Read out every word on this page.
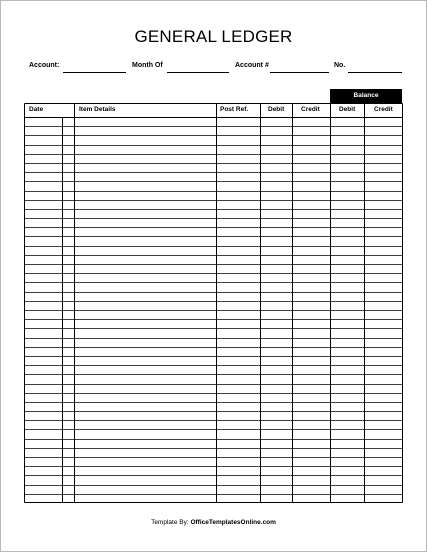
GENERAL LEDGER
Account:	Month Of	Account #	No.
Balance
Date	Item Details	Post Ref.	Debit	Credit	Debit	Credit
Template By: OfficeTemplatesOnline.com
